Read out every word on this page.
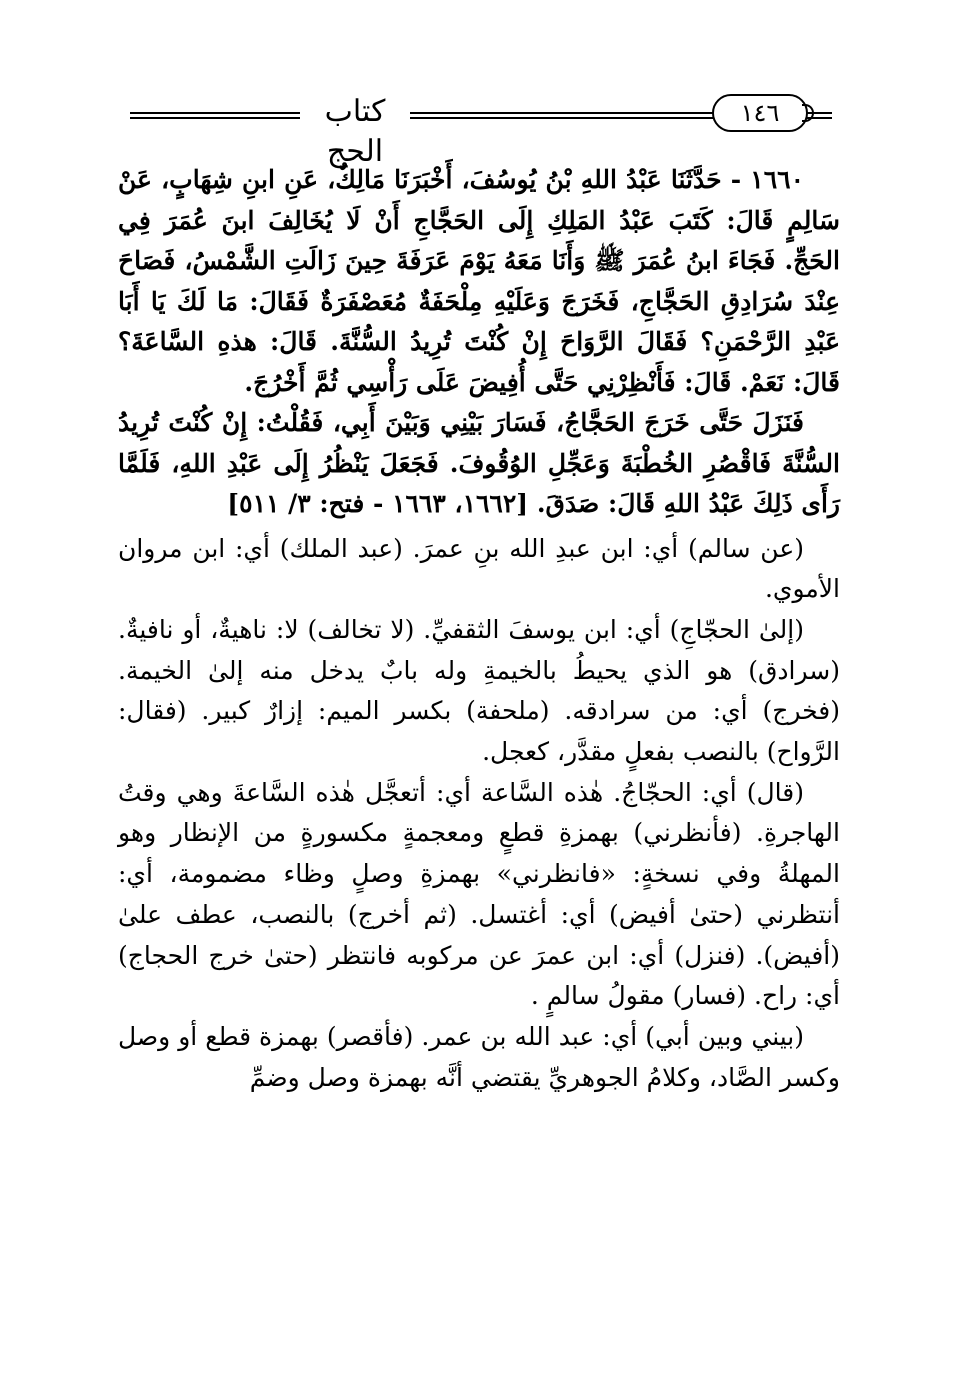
كتاب الحج
١٤٦

١٦٦٠ - حَدَّثَنَا عَبْدُ اللهِ بْنُ يُوسُفَ، أَخْبَرَنَا مَالِكٌ، عَنِ ابنِ شِهَابٍ، عَنْ سَالِمٍ قَالَ: كَتَبَ عَبْدُ المَلِكِ إِلَى الحَجَّاجِ أَنْ لَا يُخَالِفَ ابنَ عُمَرَ فِي الحَجِّ. فَجَاءَ ابنُ عُمَرَ ﷺ وَأَنَا مَعَهُ يَوْمَ عَرَفَةَ حِينَ زَالَتِ الشَّمْسُ، فَصَاحَ عِنْدَ سُرَادِقِ الحَجَّاجِ، فَخَرَجَ وَعَلَيْهِ مِلْحَفَةٌ مُعَصْفَرَةٌ فَقَالَ: مَا لَكَ يَا أَبَا عَبْدِ الرَّحْمَنِ؟ فَقَالَ الرَّوَاحَ إِنْ كُنْتَ تُرِيدُ السُّنَّةَ. قَالَ: هذهِ السَّاعَةَ؟ قَالَ: نَعَمْ. قَالَ: فَأَنْظِرْنِي حَتَّى أُفِيضَ عَلَى رَأْسِي ثُمَّ أَخْرُجَ.

فَنَزَلَ حَتَّى خَرَجَ الحَجَّاجُ، فَسَارَ بَيْنِي وَبَيْنَ أَبِي، فَقُلْتُ: إِنْ كُنْتَ تُرِيدُ السُّنَّةَ فَاقْصُرِ الخُطْبَةَ وَعَجِّلِ الوُقُوفَ. فَجَعَلَ يَنْظُرُ إِلَى عَبْدِ اللهِ، فَلَمَّا رَأَى ذَلِكَ عَبْدُ اللهِ قَالَ: صَدَقَ. [١٦٦٢، ١٦٦٣ - فتح: ٣/ ٥١١]

(عن سالم) أي: ابن عبدِ الله بنِ عمرَ. (عبد الملك) أي: ابن مروان الأموي.

(إلىٰ الحجّاجِ) أي: ابن يوسفَ الثقفيِّ. (لا تخالف) لا: ناهيةٌ، أو نافيةٌ. (سرادق) هو الذي يحيطُ بالخيمةِ وله بابٌ يدخل منه إلىٰ الخيمة. (فخرج) أي: من سرادقه. (ملحفة) بكسر الميم: إزارٌ كبير. (فقال: الرَّواح) بالنصب بفعلٍ مقدَّر، كعجل.

(قال) أي: الحجّاجُ. هٰذه السَّاعة أي: أتعجَّل هٰذه السَّاعةَ وهي وقتُ الهاجرةِ. (فأنظرني) بهمزةِ قطعٍ ومعجمةٍ مكسورةٍ من الإنظار وهو المهلةُ وفي نسخةٍ: «فانظرني» بهمزةِ وصلٍ وظاء مضمومة، أي: أنتظرني (حتىٰ أفيض) أي: أغتسل. (ثم أخرج) بالنصب، عطف علىٰ (أفيض). (فنزل) أي: ابن عمرَ عن مركوبه فانتظر (حتىٰ خرج الحجاج) أي: راح. (فسار) مقولُ سالمٍ .

(بيني وبين أبي) أي: عبد الله بن عمر. (فأقصر) بهمزة قطع أو وصل وكسر الصَّاد، وكلامُ الجوهريِّ يقتضي أنَّه بهمزة وصل وضمِّ
